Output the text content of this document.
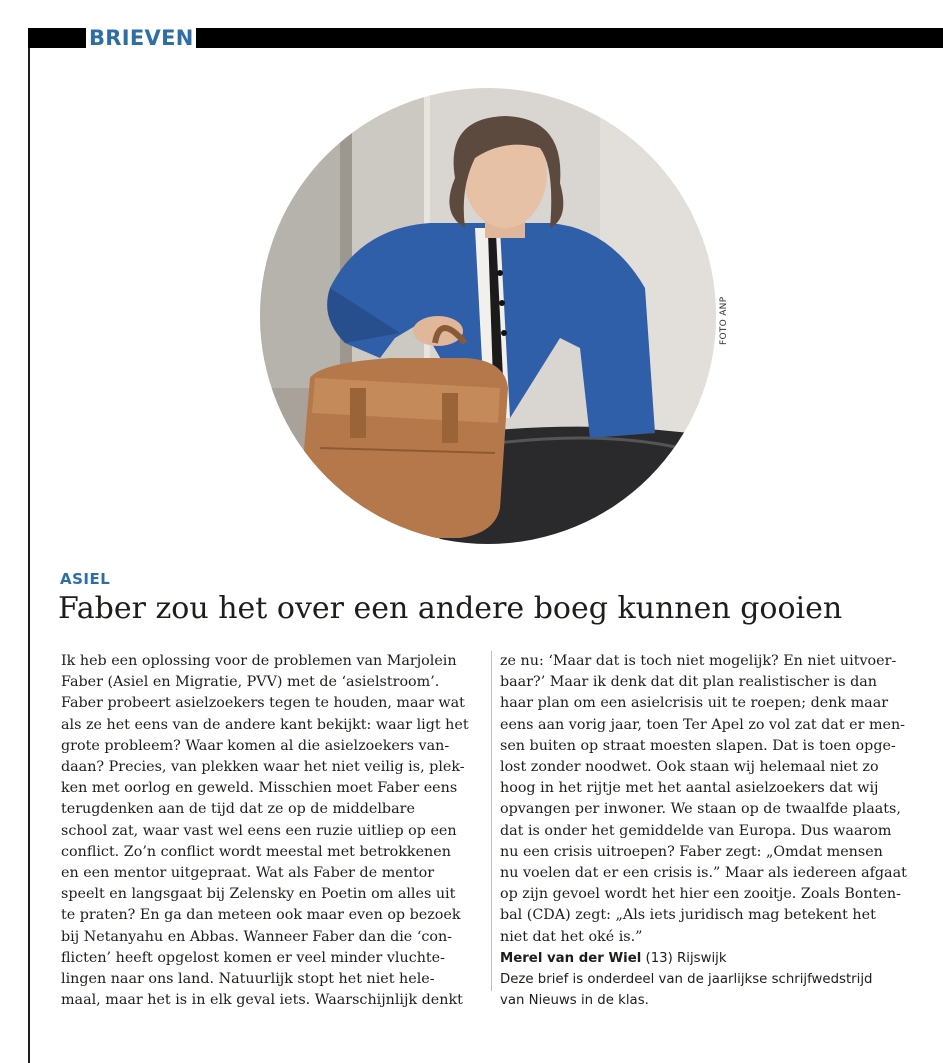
BRIEVEN
FOTO ANP
ASIEL
Faber zou het over een andere boeg kunnen gooien
Ik heb een oplossing voor de problemen van Marjolein
Faber (Asiel en Migratie, PVV) met de ‘asielstroom’.
Faber probeert asielzoekers tegen te houden, maar wat
als ze het eens van de andere kant bekijkt: waar ligt het
grote probleem? Waar komen al die asielzoekers van-
daan? Precies, van plekken waar het niet veilig is, plek-
ken met oorlog en geweld. Misschien moet Faber eens
terugdenken aan de tijd dat ze op de middelbare
school zat, waar vast wel eens een ruzie uitliep op een
conflict. Zo’n conflict wordt meestal met betrokkenen
en een mentor uitgepraat. Wat als Faber de mentor
speelt en langsgaat bij Zelensky en Poetin om alles uit
te praten? En ga dan meteen ook maar even op bezoek
bij Netanyahu en Abbas. Wanneer Faber dan die ‘con-
flicten’ heeft opgelost komen er veel minder vluchte-
lingen naar ons land. Natuurlijk stopt het niet hele-
maal, maar het is in elk geval iets. Waarschijnlijk denkt
ze nu: ‘Maar dat is toch niet mogelijk? En niet uitvoer-
baar?’ Maar ik denk dat dit plan realistischer is dan
haar plan om een asielcrisis uit te roepen; denk maar
eens aan vorig jaar, toen Ter Apel zo vol zat dat er men-
sen buiten op straat moesten slapen. Dat is toen opge-
lost zonder noodwet. Ook staan wij helemaal niet zo
hoog in het rijtje met het aantal asielzoekers dat wij
opvangen per inwoner. We staan op de twaalfde plaats,
dat is onder het gemiddelde van Europa. Dus waarom
nu een crisis uitroepen? Faber zegt: „Omdat mensen
nu voelen dat er een crisis is.” Maar als iedereen afgaat
op zijn gevoel wordt het hier een zooitje. Zoals Bonten-
bal (CDA) zegt: „Als iets juridisch mag betekent het
niet dat het oké is.”
Merel van der Wiel (13) Rijswijk
Deze brief is onderdeel van de jaarlijkse schrijfwedstrijd
van Nieuws in de klas.
